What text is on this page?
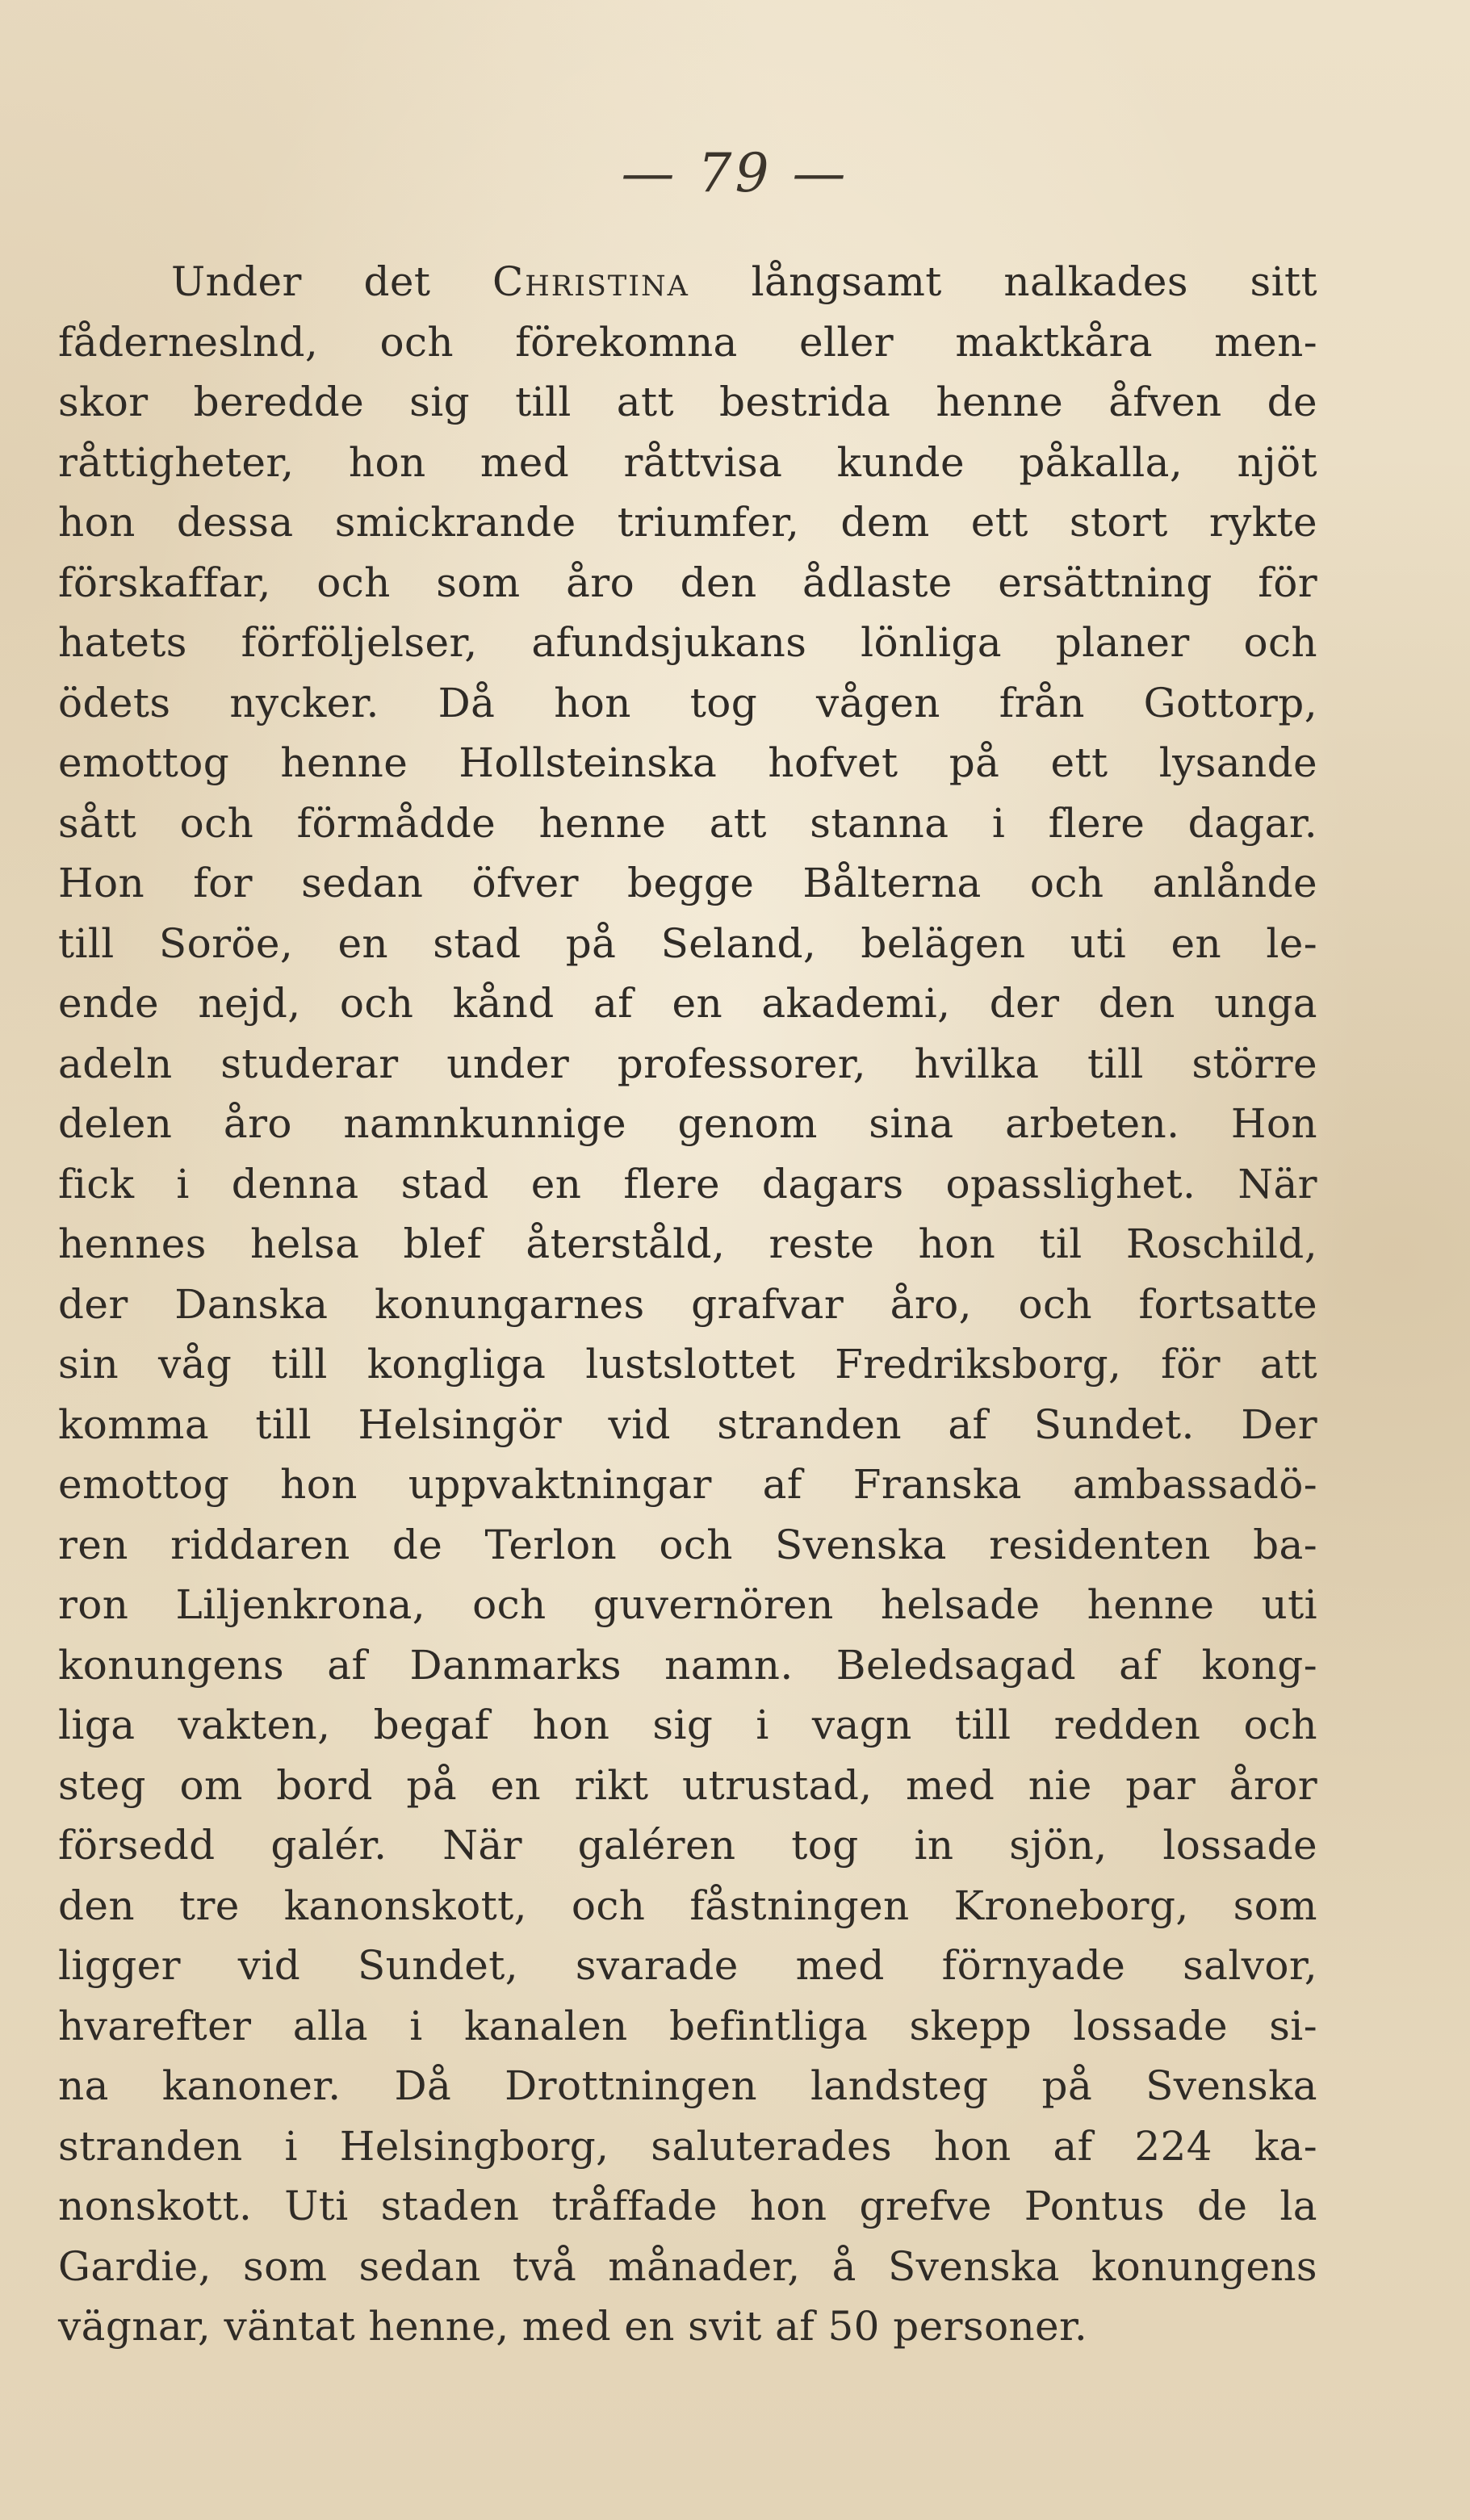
— 79 —

Under det Christina långsamt nalkades sitt
fåderneslnd, och förekomna eller maktkåra men-
skor beredde sig till att bestrida henne åfven de
råttigheter, hon med råttvisa kunde påkalla, njöt
hon dessa smickrande triumfer, dem ett stort rykte
förskaffar, och som åro den ådlaste ersättning för
hatets förföljelser, afundsjukans lönliga planer och
ödets nycker. Då hon tog vågen från Gottorp,
emottog henne Hollsteinska hofvet på ett lysande
sått och förmådde henne att stanna i flere dagar.
Hon for sedan öfver begge Bålterna och anlånde
till Soröe, en stad på Seland, belägen uti en le-
ende nejd, och kånd af en akademi, der den unga
adeln studerar under professorer, hvilka till större
delen åro namnkunnige genom sina arbeten. Hon
fick i denna stad en flere dagars opasslighet. När
hennes helsa blef återståld, reste hon til Roschild,
der Danska konungarnes grafvar åro, och fortsatte
sin våg till kongliga lustslottet Fredriksborg, för att
komma till Helsingör vid stranden af Sundet. Der
emottog hon uppvaktningar af Franska ambassadö-
ren riddaren de Terlon och Svenska residenten ba-
ron Liljenkrona, och guvernören helsade henne uti
konungens af Danmarks namn. Beledsagad af kong-
liga vakten, begaf hon sig i vagn till redden och
steg om bord på en rikt utrustad, med nie par åror
försedd galér. När galéren tog in sjön, lossade
den tre kanonskott, och fåstningen Kroneborg, som
ligger vid Sundet, svarade med förnyade salvor,
hvarefter alla i kanalen befintliga skepp lossade si-
na kanoner. Då Drottningen landsteg på Svenska
stranden i Helsingborg, saluterades hon af 224 ka-
nonskott. Uti staden tråffade hon grefve Pontus de la
Gardie, som sedan två månader, å Svenska konungens
vägnar, väntat henne, med en svit af 50 personer.
